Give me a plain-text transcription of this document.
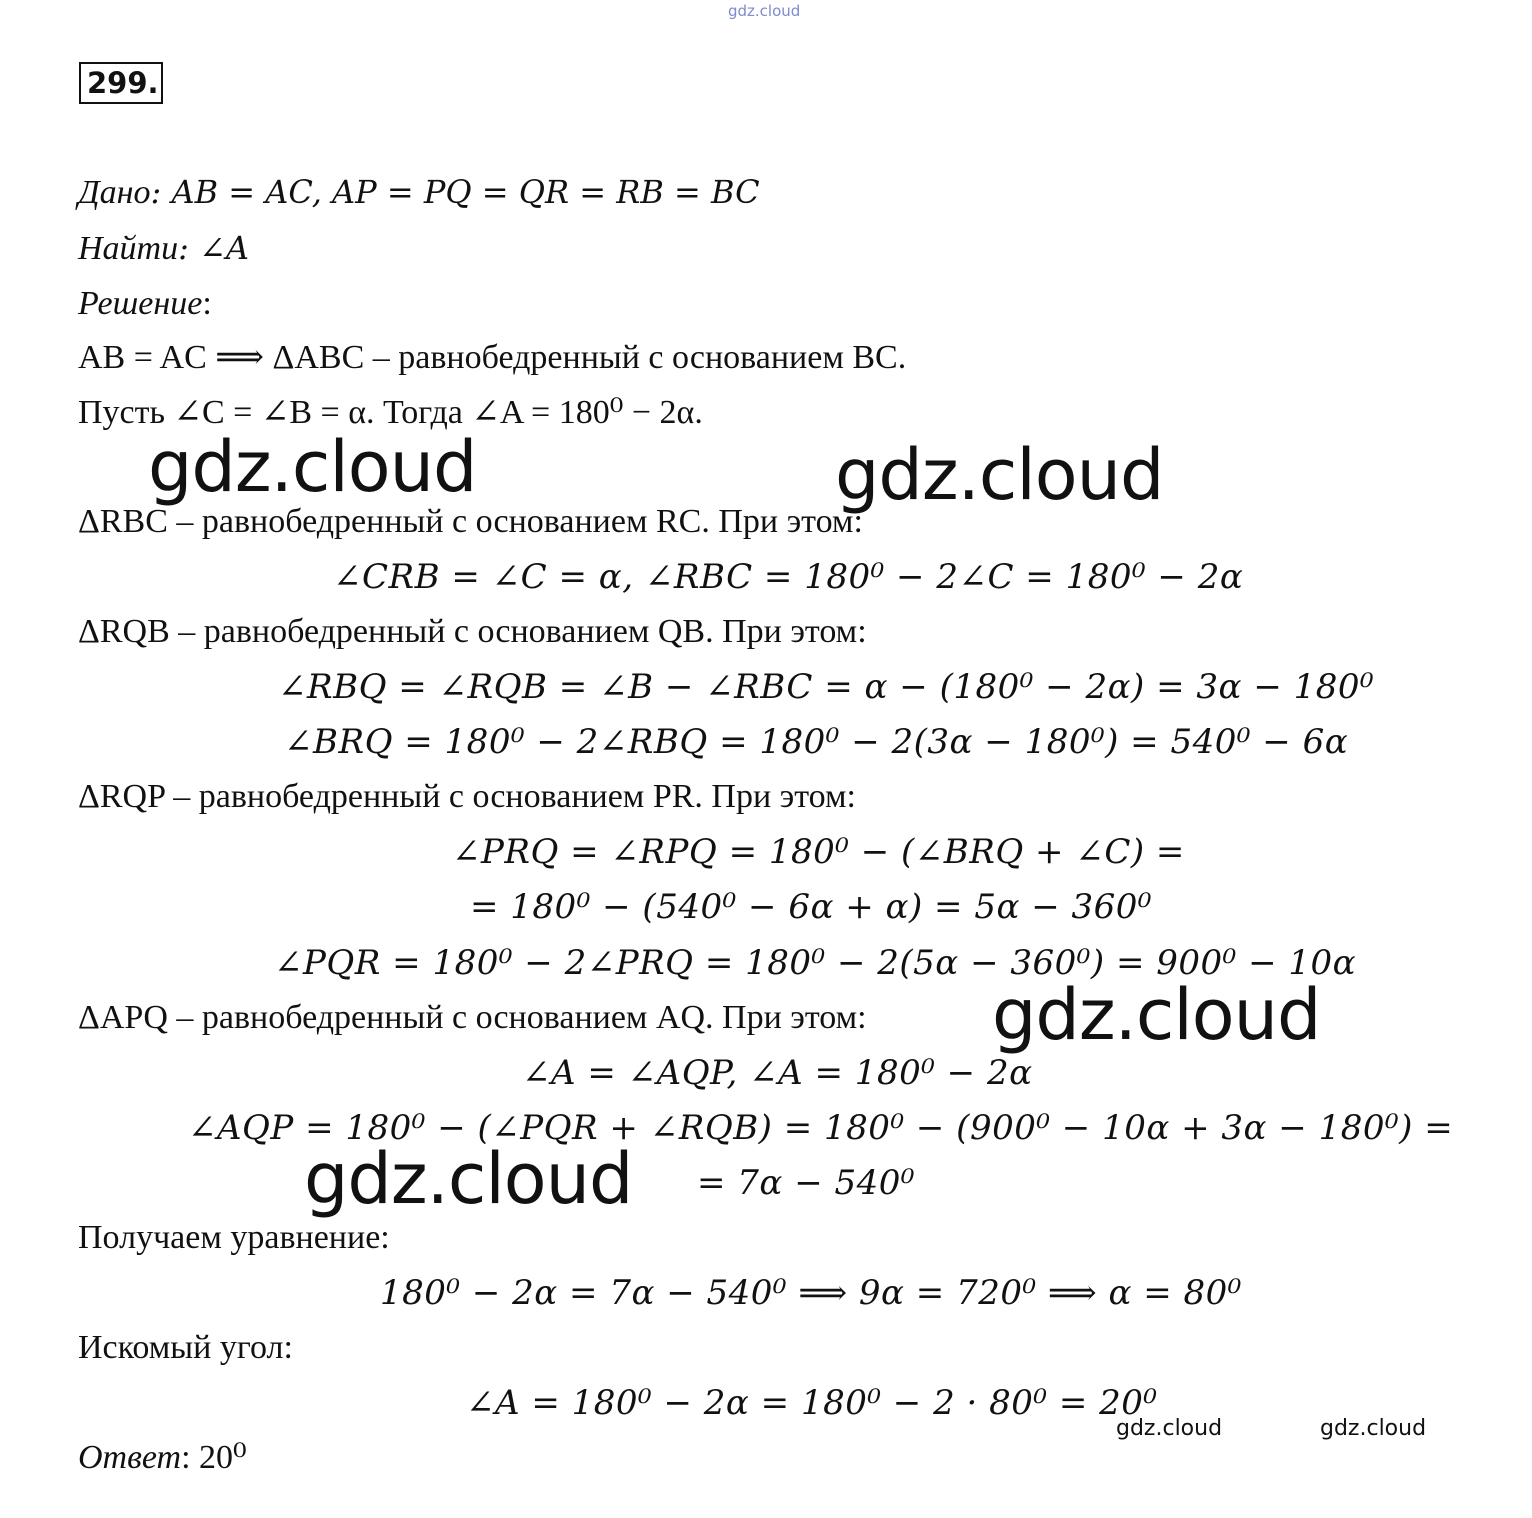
gdz.cloud
299.
Дано: AB = AC, AP = PQ = QR = RB = BC
Найти: ∠A
Решение:
AB = AC ⟹ ΔABC – равнобедренный с основанием BC.
Пусть ∠C = ∠B = α. Тогда ∠A = 180⁰ − 2α.
ΔRBC – равнобедренный с основанием RC. При этом:
∠CRB = ∠C = α, ∠RBC = 180⁰ − 2∠C = 180⁰ − 2α
ΔRQB – равнобедренный с основанием QB. При этом:
∠RBQ = ∠RQB = ∠B − ∠RBC = α − (180⁰ − 2α) = 3α − 180⁰
∠BRQ = 180⁰ − 2∠RBQ = 180⁰ − 2(3α − 180⁰) = 540⁰ − 6α
ΔRQP – равнобедренный с основанием PR. При этом:
∠PRQ = ∠RPQ = 180⁰ − (∠BRQ + ∠C) =
= 180⁰ − (540⁰ − 6α + α) = 5α − 360⁰
∠PQR = 180⁰ − 2∠PRQ = 180⁰ − 2(5α − 360⁰) = 900⁰ − 10α
ΔAPQ – равнобедренный с основанием AQ. При этом:
∠A = ∠AQP, ∠A = 180⁰ − 2α
∠AQP = 180⁰ − (∠PQR + ∠RQB) = 180⁰ − (900⁰ − 10α + 3α − 180⁰) =
= 7α − 540⁰
Получаем уравнение:
180⁰ − 2α = 7α − 540⁰ ⟹ 9α = 720⁰ ⟹ α = 80⁰
Искомый угол:
∠A = 180⁰ − 2α = 180⁰ − 2 · 80⁰ = 20⁰
Ответ: 20⁰
gdz.cloud	gdz.cloud
gdz.cloud
gdz.cloud
gdz.cloud	gdz.cloud
